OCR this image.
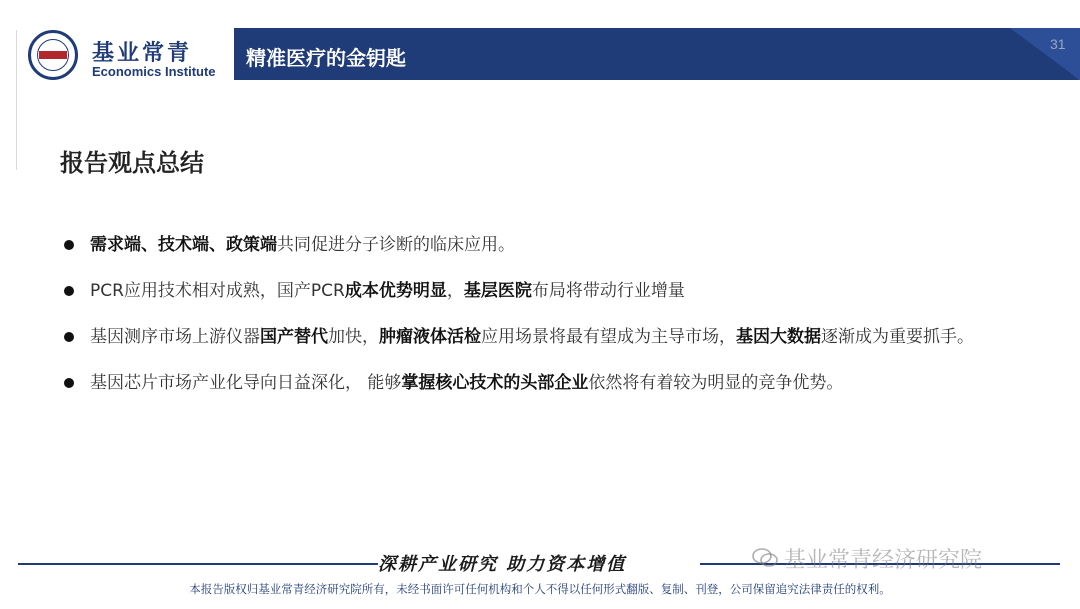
基业常青
Economics Institute
精准医疗的金钥匙
31
报告观点总结
需求端、技术端、政策端共同促进分子诊断的临床应用。
PCR应用技术相对成熟，国产PCR成本优势明显，基层医院布局将带动行业增量
基因测序市场上游仪器国产替代加快，肿瘤液体活检应用场景将最有望成为主导市场，基因大数据逐渐成为重要抓手。
基因芯片市场产业化导向日益深化， 能够掌握核心技术的头部企业依然将有着较为明显的竞争优势。
深耕产业研究 助力资本增值	基业常青经济研究院
本报告版权归基业常青经济研究院所有，未经书面许可任何机构和个人不得以任何形式翻版、复制、刊登，公司保留追究法律责任的权利。
